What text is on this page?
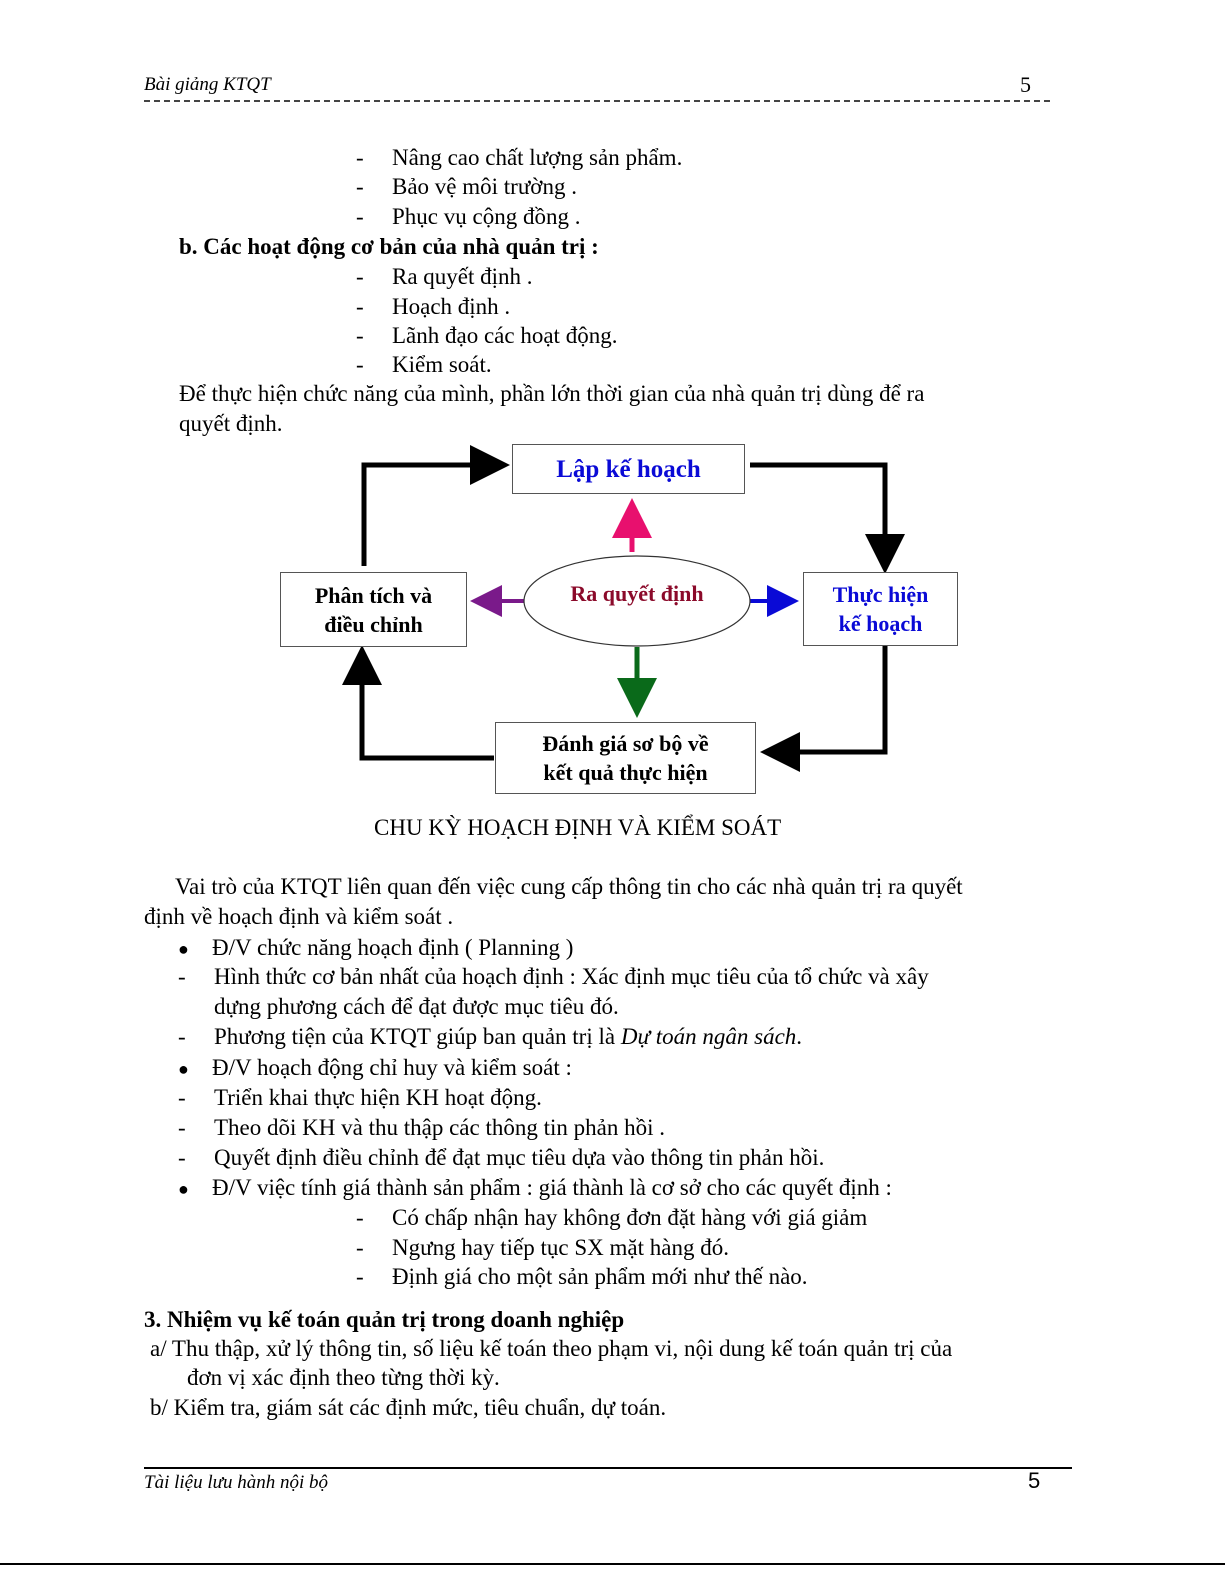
Bài giảng KTQT	5
- Nâng cao chất lượng sản phẩm.
- Bảo vệ môi trường .
- Phục vụ cộng đồng .
b. Các hoạt động cơ bản của nhà quản trị :
- Ra quyết định .
- Hoạch định .
- Lãnh đạo các hoạt động.
- Kiểm soát.
Để thực hiện chức năng của mình, phần lớn thời gian của nhà quản trị dùng để ra
quyết định.
Lập kế hoạch
Ra quyết định	Thực hiện
kế hoạch
Phân tích và
điều chỉnh
Đánh giá sơ bộ về
kết quả thực hiện
CHU KỲ HOẠCH ĐỊNH VÀ KIỂM SOÁT
Vai trò của KTQT liên quan đến việc cung cấp thông tin cho các nhà quản trị ra quyết
định về hoạch định và kiểm soát .
● Đ/V chức năng hoạch định ( Planning )
- Hình thức cơ bản nhất của hoạch định : Xác định mục tiêu của tổ chức và xây
dựng phương cách để đạt được mục tiêu đó.
- Phương tiện của KTQT giúp ban quản trị là Dự toán ngân sách.
● Đ/V hoạch động chỉ huy và kiểm soát :
- Triển khai thực hiện KH hoạt động.
- Theo dõi KH và thu thập các thông tin phản hồi .
- Quyết định điều chỉnh để đạt mục tiêu dựa vào thông tin phản hồi.
● Đ/V việc tính giá thành sản phẩm : giá thành là cơ sở cho các quyết định :
- Có chấp nhận hay không đơn đặt hàng với giá giảm
- Ngưng hay tiếp tục SX mặt hàng đó.
- Định giá cho một sản phẩm mới như thế nào.
3. Nhiệm vụ kế toán quản trị trong doanh nghiệp
a/ Thu thập, xử lý thông tin, số liệu kế toán theo phạm vi, nội dung kế toán quản trị của
đơn vị xác định theo từng thời kỳ.
b/ Kiểm tra, giám sát các định mức, tiêu chuẩn, dự toán.
Tài liệu lưu hành nội bộ	5
